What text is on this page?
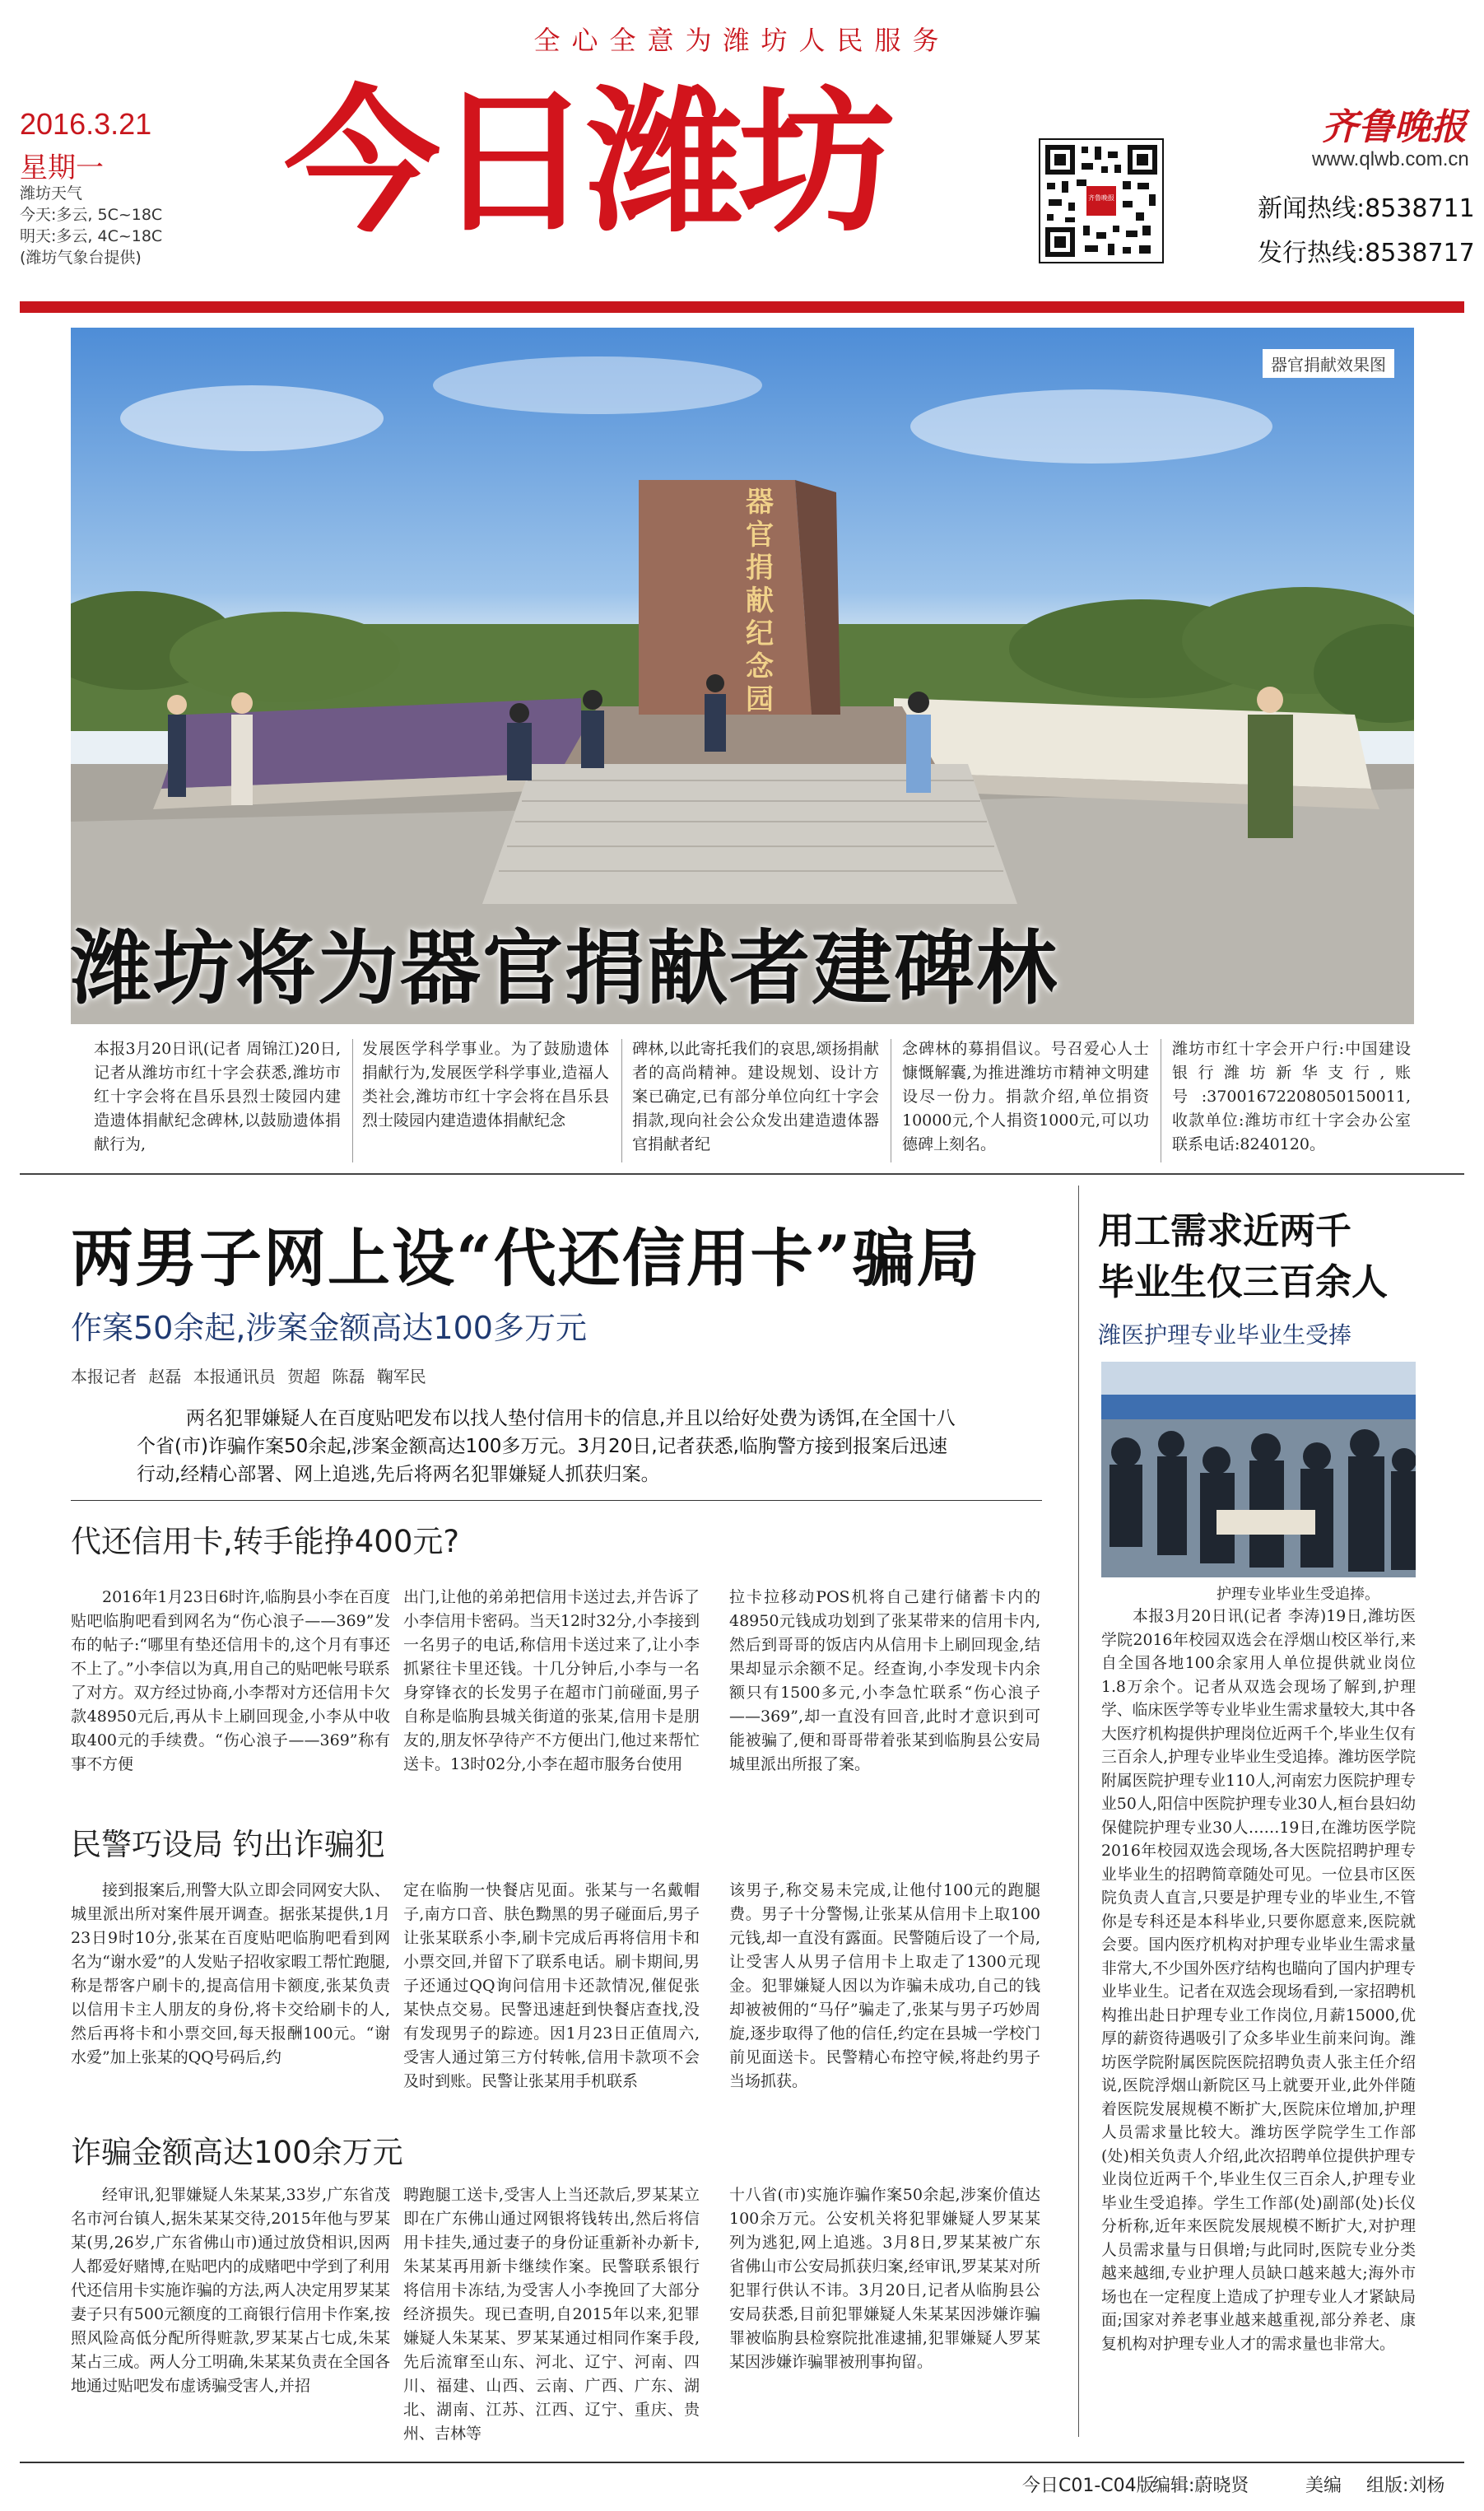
全心全意为潍坊人民服务
2016.3.21
星期一
潍坊天气
今天:多云, 5C~18C
明天:多云, 4C~18C
(潍坊气象台提供)
今日潍坊	齐鲁晚报
齐鲁晚报
www.qlwb.com.cn
新闻热线:8538711
发行热线:8538717
器官捐献效果图
器官捐献纪念园
潍坊将为器官捐献者建碑林
本报3月20日讯(记者 周锦江)20日,记者从潍坊市红十字会获悉,潍坊市红十字会将在昌乐县烈士陵园内建造遗体捐献纪念碑林,以鼓励遗体捐献行为,
发展医学科学事业。为了鼓励遗体捐献行为,发展医学科学事业,造福人类社会,潍坊市红十字会将在昌乐县烈士陵园内建造遗体捐献纪念
碑林,以此寄托我们的哀思,颂扬捐献者的高尚精神。建设规划、设计方案已确定,已有部分单位向红十字会捐款,现向社会公众发出建造遗体器官捐献者纪
念碑林的募捐倡议。号召爱心人士慷慨解囊,为推进潍坊市精神文明建设尽一份力。捐款介绍,单位捐资10000元,个人捐资1000元,可以功德碑上刻名。
潍坊市红十字会开户行:中国建设银行潍坊新华支行,账号:37001672208050150011,收款单位:潍坊市红十字会办公室 联系电话:8240120。
两男子网上设“代还信用卡”骗局
作案50余起,涉案金额高达100多万元
本报记者 赵磊 本报通讯员 贺超 陈磊 鞠军民
两名犯罪嫌疑人在百度贴吧发布以找人垫付信用卡的信息,并且以给好处费为诱饵,在全国十八个省(市)诈骗作案50余起,涉案金额高达100多万元。3月20日,记者获悉,临朐警方接到报案后迅速行动,经精心部署、网上追逃,先后将两名犯罪嫌疑人抓获归案。
代还信用卡,转手能挣400元?
2016年1月23日6时许,临朐县小李在百度贴吧临朐吧看到网名为“伤心浪子——369”发布的帖子:“哪里有垫还信用卡的,这个月有事还不上了。”小李信以为真,用自己的贴吧帐号联系了对方。双方经过协商,小李帮对方还信用卡欠款48950元后,再从卡上刷回现金,小李从中收取400元的手续费。“伤心浪子——369”称有事不方便
出门,让他的弟弟把信用卡送过去,并告诉了小李信用卡密码。当天12时32分,小李接到一名男子的电话,称信用卡送过来了,让小李抓紧往卡里还钱。十几分钟后,小李与一名身穿锋衣的长发男子在超市门前碰面,男子自称是临朐县城关街道的张某,信用卡是朋友的,朋友怀孕待产不方便出门,他过来帮忙送卡。13时02分,小李在超市服务台使用
拉卡拉移动POS机将自己建行储蓄卡内的48950元钱成功划到了张某带来的信用卡内,然后到哥哥的饭店内从信用卡上刷回现金,结果却显示余额不足。经查询,小李发现卡内余额只有1500多元,小李急忙联系“伤心浪子——369”,却一直没有回音,此时才意识到可能被骗了,便和哥哥带着张某到临朐县公安局城里派出所报了案。
民警巧设局 钓出诈骗犯
接到报案后,刑警大队立即会同网安大队、城里派出所对案件展开调查。据张某提供,1月23日9时10分,张某在百度贴吧临朐吧看到网名为“谢水爱”的人发贴子招收家暇工帮忙跑腿,称是帮客户刷卡的,提高信用卡额度,张某负责以信用卡主人朋友的身份,将卡交给刷卡的人,然后再将卡和小票交回,每天报酬100元。“谢水爱”加上张某的QQ号码后,约
定在临朐一快餐店见面。张某与一名戴帽子,南方口音、肤色黝黑的男子碰面后,男子让张某联系小李,刷卡完成后再将信用卡和小票交回,并留下了联系电话。刷卡期间,男子还通过QQ询问信用卡还款情况,催促张某快点交易。民警迅速赶到快餐店查找,没有发现男子的踪迹。因1月23日正值周六,受害人通过第三方付转帐,信用卡款项不会及时到账。民警让张某用手机联系
该男子,称交易未完成,让他付100元的跑腿费。男子十分警惕,让张某从信用卡上取100元钱,却一直没有露面。民警随后设了一个局,让受害人从男子信用卡上取走了1300元现金。犯罪嫌疑人因以为诈骗未成功,自己的钱却被被佣的“马仔”骗走了,张某与男子巧妙周旋,逐步取得了他的信任,约定在县城一学校门前见面送卡。民警精心布控守候,将赴约男子当场抓获。
诈骗金额高达100余万元
经审讯,犯罪嫌疑人朱某某,33岁,广东省茂名市河台镇人,据朱某某交待,2015年他与罗某某(男,26岁,广东省佛山市)通过放贷相识,因两人都爱好赌博,在贴吧内的成赌吧中学到了利用代还信用卡实施诈骗的方法,两人决定用罗某某妻子只有500元额度的工商银行信用卡作案,按照风险高低分配所得赃款,罗某某占七成,朱某某占三成。两人分工明确,朱某某负责在全国各地通过贴吧发布虚诱骗受害人,并招
聘跑腿工送卡,受害人上当还款后,罗某某立即在广东佛山通过网银将钱转出,然后将信用卡挂失,通过妻子的身份证重新补办新卡,朱某某再用新卡继续作案。民警联系银行将信用卡冻结,为受害人小李挽回了大部分经济损失。现已查明,自2015年以来,犯罪嫌疑人朱某某、罗某某通过相同作案手段,先后流窜至山东、河北、辽宁、河南、四川、福建、山西、云南、广西、广东、湖北、湖南、江苏、江西、辽宁、重庆、贵州、吉林等
十八省(市)实施诈骗作案50余起,涉案价值达100余万元。公安机关将犯罪嫌疑人罗某某列为逃犯,网上追逃。3月8日,罗某某被广东省佛山市公安局抓获归案,经审讯,罗某某对所犯罪行供认不讳。3月20日,记者从临朐县公安局获悉,目前犯罪嫌疑人朱某某因涉嫌诈骗罪被临朐县检察院批准逮捕,犯罪嫌疑人罗某某因涉嫌诈骗罪被刑事拘留。
用工需求近两千
毕业生仅三百余人
潍医护理专业毕业生受捧
护理专业毕业生受追捧。
本报3月20日讯(记者 李涛)19日,潍坊医学院2016年校园双选会在浮烟山校区举行,来自全国各地100余家用人单位提供就业岗位1.8万余个。记者从双选会现场了解到,护理学、临床医学等专业毕业生需求量较大,其中各大医疗机构提供护理岗位近两千个,毕业生仅有三百余人,护理专业毕业生受追捧。潍坊医学院附属医院护理专业110人,河南宏力医院护理专业50人,阳信中医院护理专业30人,桓台县妇幼保健院护理专业30人……19日,在潍坊医学院2016年校园双选会现场,各大医院招聘护理专业毕业生的招聘简章随处可见。一位县市区医院负责人直言,只要是护理专业的毕业生,不管你是专科还是本科毕业,只要你愿意来,医院就会要。国内医疗机构对护理专业毕业生需求量非常大,不少国外医疗结构也瞄向了国内护理专业毕业生。记者在双选会现场看到,一家招聘机构推出赴日护理专业工作岗位,月薪15000,优厚的薪资待遇吸引了众多毕业生前来问询。潍坊医学院附属医院医院招聘负责人张主任介绍说,医院浮烟山新院区马上就要开业,此外伴随着医院发展规模不断扩大,医院床位增加,护理人员需求量比较大。潍坊医学院学生工作部(处)相关负责人介绍,此次招聘单位提供护理专业岗位近两千个,毕业生仅三百余人,护理专业毕业生受追捧。学生工作部(处)副部(处)长仪分析称,近年来医院发展规模不断扩大,对护理人员需求量与日俱增;与此同时,医院专业分类越来越细,专业护理人员缺口越来越大;海外市场也在一定程度上造成了护理专业人才紧缺局面;国家对养老事业越来越重视,部分养老、康复机构对护理专业人才的需求量也非常大。
今日C01-C04版
编辑:蔚晓贤	美编 组版:刘杨
